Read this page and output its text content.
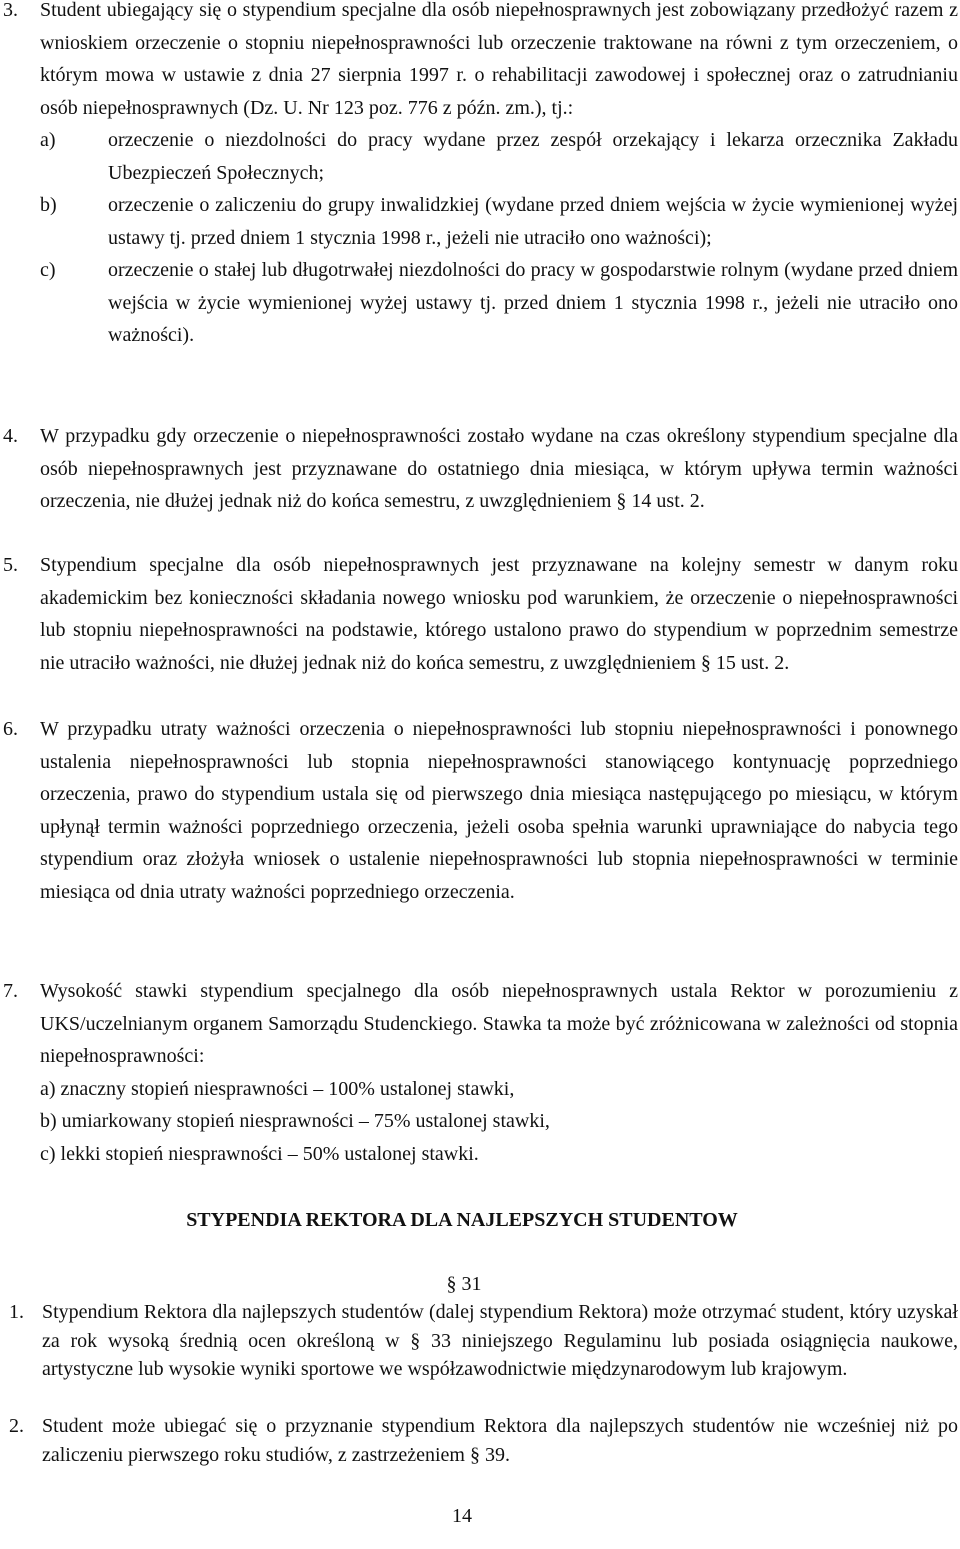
3. Student ubiegający się o stypendium specjalne dla osób niepełnosprawnych jest zobowiązany przedłożyć razem z wnioskiem orzeczenie o stopniu niepełnosprawności lub orzeczenie traktowane na równi z tym orzeczeniem, o którym mowa w ustawie z dnia 27 sierpnia 1997 r. o rehabilitacji zawodowej i społecznej oraz o zatrudnianiu osób niepełnosprawnych (Dz. U. Nr 123 poz. 776 z późn. zm.), tj.:
a)	orzeczenie o niezdolności do pracy wydane przez zespół orzekający i lekarza orzecznika Zakładu Ubezpieczeń Społecznych;
b)	orzeczenie o zaliczeniu do grupy inwalidzkiej (wydane przed dniem wejścia w życie wymienionej wyżej ustawy tj. przed dniem 1 stycznia 1998 r., jeżeli nie utraciło ono ważności);
c)	orzeczenie o stałej lub długotrwałej niezdolności do pracy w gospodarstwie rolnym (wydane przed dniem wejścia w życie wymienionej wyżej ustawy tj. przed dniem 1 stycznia 1998 r., jeżeli nie utraciło ono ważności).
4. W przypadku gdy orzeczenie o niepełnosprawności zostało wydane na czas określony stypendium specjalne dla osób niepełnosprawnych jest przyznawane do ostatniego dnia miesiąca, w którym upływa termin ważności orzeczenia, nie dłużej jednak niż do końca semestru, z uwzględnieniem § 14 ust. 2.
5. Stypendium specjalne dla osób niepełnosprawnych jest przyznawane na kolejny semestr w danym roku akademickim bez konieczności składania nowego wniosku pod warunkiem, że orzeczenie o niepełnosprawności lub stopniu niepełnosprawności na podstawie, którego ustalono prawo do stypendium w poprzednim semestrze nie utraciło ważności, nie dłużej jednak niż do końca semestru, z uwzględnieniem § 15 ust. 2.
6. W przypadku utraty ważności orzeczenia o niepełnosprawności lub stopniu niepełnosprawności i ponownego ustalenia niepełnosprawności lub stopnia niepełnosprawności stanowiącego kontynuację poprzedniego orzeczenia, prawo do stypendium ustala się od pierwszego dnia miesiąca następującego po miesiącu, w którym upłynął termin ważności poprzedniego orzeczenia, jeżeli osoba spełnia warunki uprawniające do nabycia tego stypendium oraz złożyła wniosek o ustalenie niepełnosprawności lub stopnia niepełnosprawności w terminie miesiąca od dnia utraty ważności poprzedniego orzeczenia.
7. Wysokość stawki stypendium specjalnego dla osób niepełnosprawnych ustala Rektor w porozumieniu z UKS/uczelnianym organem Samorządu Studenckiego. Stawka ta może być zróżnicowana w zależności od stopnia niepełnosprawności:
a) znaczny stopień niesprawności – 100% ustalonej stawki,
b) umiarkowany stopień niesprawności – 75% ustalonej stawki,
c) lekki stopień niesprawności – 50% ustalonej stawki.
STYPENDIA REKTORA DLA NAJLEPSZYCH STUDENTOW
§ 31
1. Stypendium Rektora dla najlepszych studentów (dalej stypendium Rektora) może otrzymać student, który uzyskał za rok wysoką średnią ocen określoną w § 33 niniejszego Regulaminu lub posiada osiągnięcia naukowe, artystyczne lub wysokie wyniki sportowe we współzawodnictwie międzynarodowym lub krajowym.
2. Student może ubiegać się o przyznanie stypendium Rektora dla najlepszych studentów nie wcześniej niż po zaliczeniu pierwszego roku studiów, z zastrzeżeniem § 39.
14
